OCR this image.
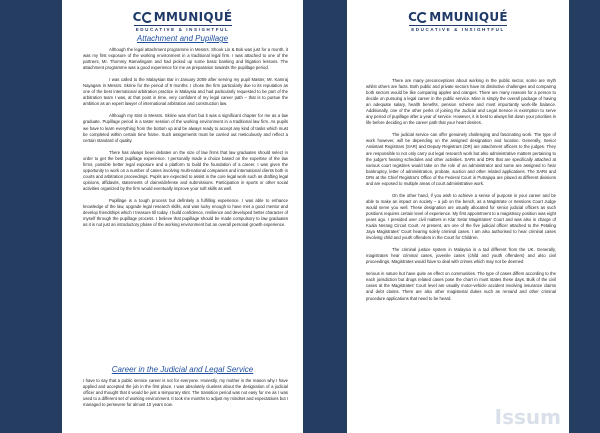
C MMUNIQUÉ
EDUCATIVE & INSIGHTFUL
Attachment and Pupillage

Although the legal attachment programme in Messrs. Shook Lin & Bok was just for a month, it was my first exposure of the working environment in a traditional legal firm. I was attached to one of the partners, Mr. Thommy Ramalingam and had picked up some basic banking and litigation lessons. The attachment programme was a good experience for me as preparation towards the pupillage period.

I was called to the Malaysian Bar in January 2009 after serving my pupil Master, Mr. Kamraj Nayagam in Messrs. Skrine for the period of 9 months. I chose the firm particularly due to its reputation as one of the best international arbitration practice in Malaysia and had particularly requested to be part of the arbitration team I was, at that point in time, very confident of my legal career path – that is to pursue the ambition as an expert lawyer of international arbitration and construction law.

Although my stint in Messrs. Skrine was short but it was a significant chapter for me as a law graduate. Pupillage period is a taster session of the working environment in a traditional law firm. As pupils we have to learn everything from the bottom up and be always ready to accept any kind of tasks which must be completed within certain time frame. Such assignments must be carried out meticulously and reflect a certain standard of quality.

There has always been debates on the size of law firms that law graduates should select in order to get the best pupillage experience. I personally made a choice based on the expertise of the law firms, possible better legal exposure and a platform to build the foundation of a career. I was given the opportunity to work on a number of cases involving multi-national companies and international clients both in courts and arbitration proceedings. Pupils are expected to assist in the core legal work such as drafting legal opinions, affidavits, statements of claims/defense and submissions. Participation in sports or other social activities organized by the firm would eventually improve your soft skills as well.

Pupillage is a tough process but definitely a fulfilling experience. I was able to enhance knowledge of the law, upgrade legal research skills, and was lucky enough to have met a good mentor and develop friendships which I treasure till today. I build confidence, resilience and developed better character of myself through the pupillage process. I believe that pupillage should be made compulsory to law graduates as it is not just an introductory phase of the working environment but an overall personal growth experience.

Career in the Judicial and Legal Service

I have to say that a public service career is not for everyone. Honestly, my mother is the reason why I have applied and accepted the job in the first place. I was absolutely clueless about the designation of a judicial officer and thought that it would be just a temporary stint. The transition period was not easy for me as I was used to a different set of working environment. It took me months to adjust my mindset and expectations but I managed to persevere for almost 10 years now.

C MMUNIQUÉ
EDUCATIVE & INSIGHTFUL

There are many preconceptions about working in the public sector, some are myth whilst others are facts. Both public and private sectors have its distinctive challenges and comparing both sectors would be like comparing apples and oranges. There are many reasons for a person to decide on pursuing a legal career in the public service. Mine is simply the overall package of having an adequate salary, health benefits, pension scheme and most importantly work-life balance. Additionally, one of the other perks of joining the Judicial and Legal Service is exemption to serve any period of pupillage after a year of service. However, it is best to always list down your priorities in life before deciding on the career path that your heart desires.

The judicial service can offer genuinely challenging and fascinating work. The type of work however, will be depending on the assigned designation and location. Generally, Senior Assistant Registrars (SAR) and Deputy Registrars (DR) are attachment officers to the judges. They are responsible to not only carry out legal research work but also administrative matters pertaining to the judge's hearing schedules and other activities. SARs and DRs that are specifically attached at various court registries would take on the role of an administrator and some are assigned to hear bankruptcy, letter of administration, probate, auction and other related applications. The SARs and DRs at the Chief Registrar's Office of the Federal Court in Putrajaya are placed at different divisions and are exposed to multiple areas of court administrative work.

On the other hand, if you wish to achieve a sense of purpose in your career and be able to make an impact on society – a job on the bench, as a Magistrate or Sessions Court Judge would serve you well. These designation are usually allocated for senior judicial officers as such positions requires certain level of experience. My first appointment to a magistracy position was eight years ago. I presided over civil matters in Klar Setar Magistrates' Court and was also in charge of Kuala Nerang Circuit Court. At present, am one of the five judicial officer attached to the Petaling Jaya Magistrates' Court hearing solely criminal cases. I am also authorised to hear criminal cases involving child and youth offenders in the Court for Children.

The criminal justice system in Malaysia is a tad different from the UK. Generally, magistrates hear criminal cases, juvenile cases (child and youth offenders) and also civil proceedings. Magistrates would have to deal with crimes which may not be deemed

serious in nature but have quite an effect on communities. The type of cases differs according to the each jurisdiction but drugs related cases pose the chart in most states these days. Bulk of the civil cases at the Magistrates' Court level are usually motor-vehicle accident involving insurance claims and debt claims. There are also other magisterial duties such as remand and other criminal procedure applications that need to be heard.

Issum
